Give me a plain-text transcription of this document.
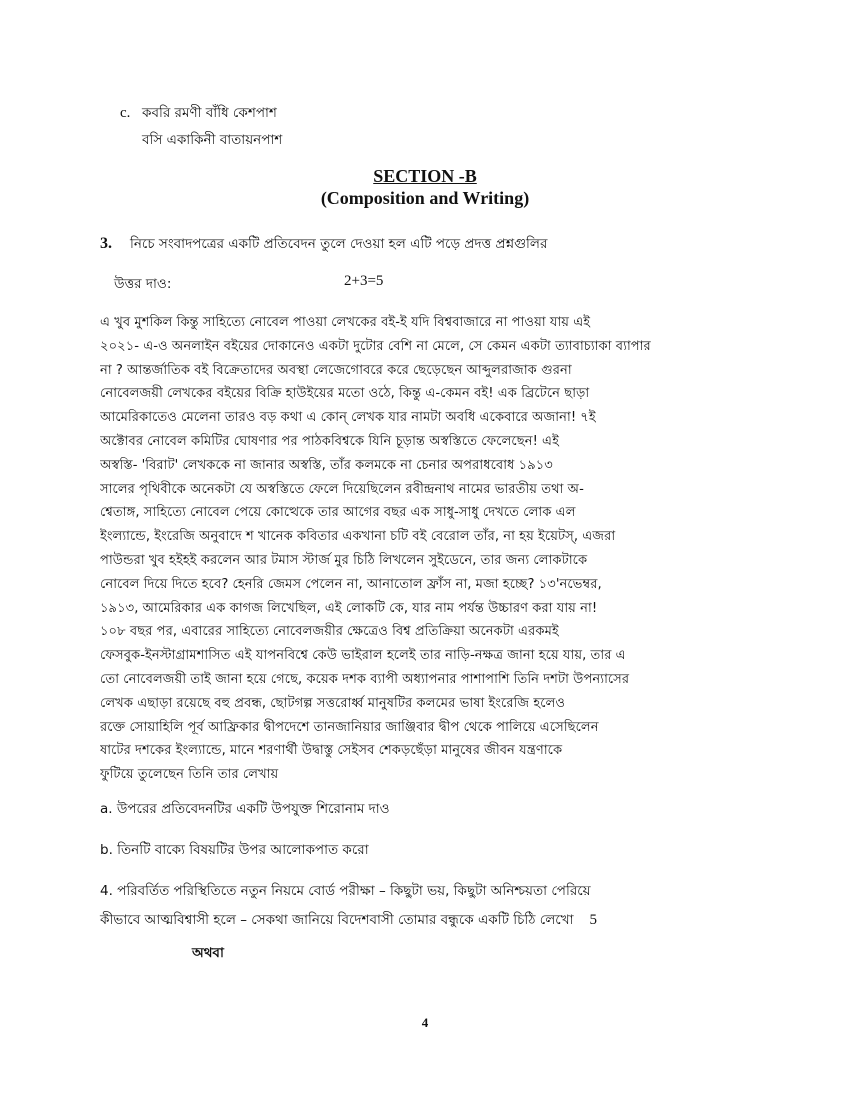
c. কবরি রমণী বাঁধি কেশপাশ
বসি একাকিনী বাতায়নপাশ
SECTION -B
(Composition and Writing)
3. নিচে সংবাদপত্রের একটি প্রতিবেদন তুলে দেওয়া হল এটি পড়ে প্রদত্ত প্রশ্নগুলির
উত্তর দাও:	2+3=5
এ খুব মুশকিল কিন্তু সাহিত্যে নোবেল পাওয়া লেখকের বই-ই যদি বিশ্ববাজারে না পাওয়া যায় এই
২০২১- এ-ও অনলাইন বইয়ের দোকানেও একটা দুটোর বেশি না মেলে, সে কেমন একটা ত্যাবাচ্যাকা ব্যাপার
না ? আন্তর্জাতিক বই বিক্রেতাদের অবস্থা লেজেগোবরে করে ছেড়েছেন আব্দুলরাজাক গুরনা
নোবেলজয়ী লেখকের বইয়ের বিক্রি হাউইয়ের মতো ওঠে, কিন্তু এ-কেমন বই! এক ব্রিটেনে ছাড়া
আমেরিকাতেও মেলেনা তারও বড় কথা এ কোন্ লেখক যার নামটা অবধি একেবারে অজানা! ৭ই
অক্টোবর নোবেল কমিটির ঘোষণার পর পাঠকবিশ্বকে যিনি চূড়ান্ত অস্বস্তিতে ফেলেছেন! এই
অস্বস্তি- 'বিরাট' লেখককে না জানার অস্বস্তি, তাঁর কলমকে না চেনার অপরাধবোধ ১৯১৩
সালের পৃথিবীকে অনেকটা যে অস্বস্তিতে ফেলে দিয়েছিলেন রবীন্দ্রনাথ নামের ভারতীয় তথা অ-
শ্বেতাঙ্গ, সাহিত্যে নোবেল পেয়ে কোত্থেকে তার আগের বছর এক সাধু-সাধু দেখতে লোক এল
ইংল্যান্ডে, ইংরেজি অনুবাদে শ খানেক কবিতার একখানা চটি বই বেরোল তাঁর, না হয় ইয়েটস্, এজরা
পাউন্ডরা খুব হইহই করলেন আর টমাস স্টার্জ মুর চিঠি লিখলেন সুইডেনে, তার জন্য লোকটাকে
নোবেল দিয়ে দিতে হবে? হেনরি জেমস পেলেন না, আনাতোল ফ্রাঁস না, মজা হচ্ছে? ১৩'নভেম্বর,
১৯১৩, আমেরিকার এক কাগজ লিখেছিল, এই লোকটি কে, যার নাম পর্যন্ত উচ্চারণ করা যায় না!
১০৮ বছর পর, এবারের সাহিত্যে নোবেলজয়ীর ক্ষেত্রেও বিশ্ব প্রতিক্রিয়া অনেকটা এরকমই
ফেসবুক-ইনস্টাগ্রামশাসিত এই যাপনবিশ্বে কেউ ভাইরাল হলেই তার নাড়ি-নক্ষত্র জানা হয়ে যায়, তার এ
তো নোবেলজয়ী তাই জানা হয়ে গেছে, কয়েক দশক ব্যাপী অধ্যাপনার পাশাপাশি তিনি দশটা উপন্যাসের
লেখক এছাড়া রয়েছে বহু প্রবন্ধ, ছোটগল্প সত্তরোর্ধ্ব মানুষটির কলমের ভাষা ইংরেজি হলেও
রক্তে সোয়াহিলি পূর্ব আফ্রিকার দ্বীপদেশে তানজানিয়ার জাঞ্জিবার দ্বীপ থেকে পালিয়ে এসেছিলেন
ষাটের দশকের ইংল্যান্ডে, মানে শরণার্থী উদ্বাস্তু সেইসব শেকড়ছেঁড়া মানুষের জীবন যন্ত্রণাকে
ফুটিয়ে তুলেছেন তিনি তার লেখায়
a. উপরের প্রতিবেদনটির একটি উপযুক্ত শিরোনাম দাও
b. তিনটি বাক্যে বিষয়টির উপর আলোকপাত করো
4. পরিবর্তিত পরিস্থিতিতে নতুন নিয়মে বোর্ড পরীক্ষা – কিছুটা ভয়, কিছুটা অনিশ্চয়তা পেরিয়ে
কীভাবে আত্মবিশ্বাসী হলে – সেকথা জানিয়ে বিদেশবাসী তোমার বন্ধুকে একটি চিঠি লেখো 5
অথবা
4
